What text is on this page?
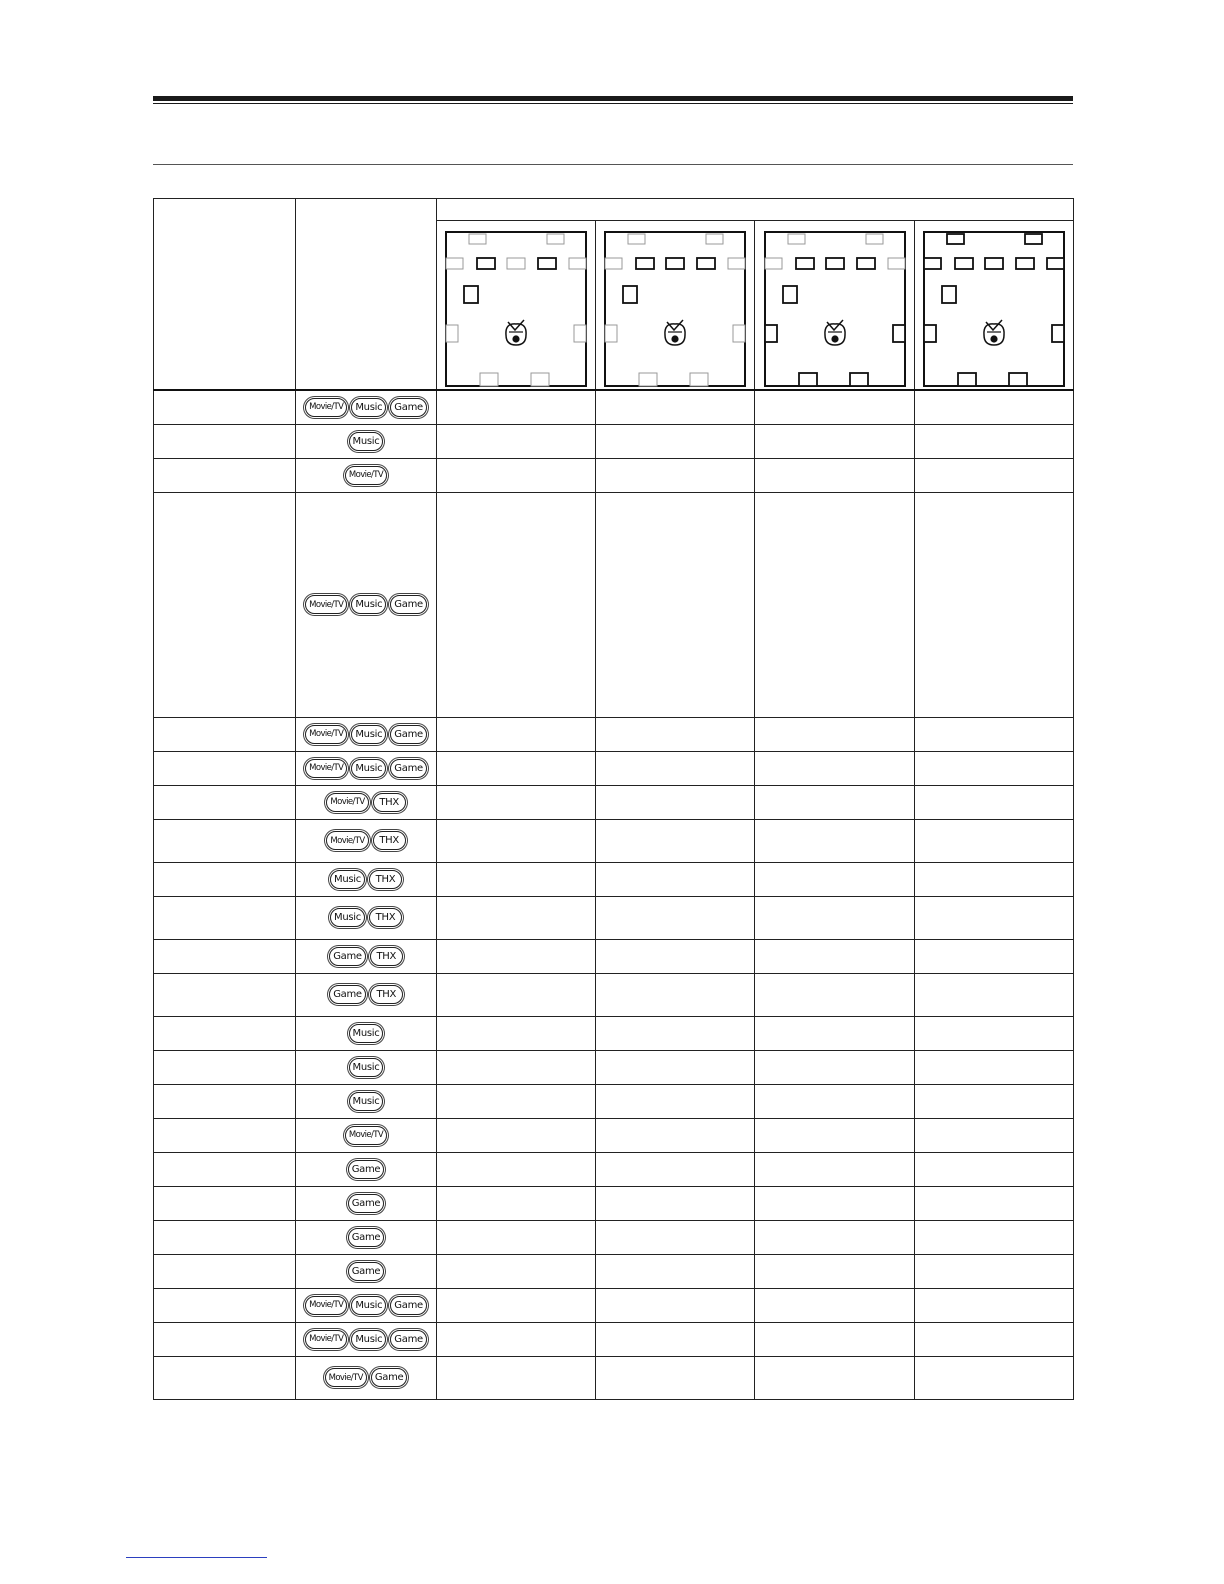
Movie/TV Music Game				

Music				

Movie/TV				

Movie/TV Music Game				

Movie/TV Music Game				

Movie/TV Music Game				

Movie/TV THX				

Movie/TV THX				

Music THX				

Music THX				

Game THX				

Game THX				

Music				

Music				

Music				

Movie/TV				

Game				

Game				

Game				

Game				

Movie/TV Music Game				

Movie/TV Music Game				

Movie/TV Game				
